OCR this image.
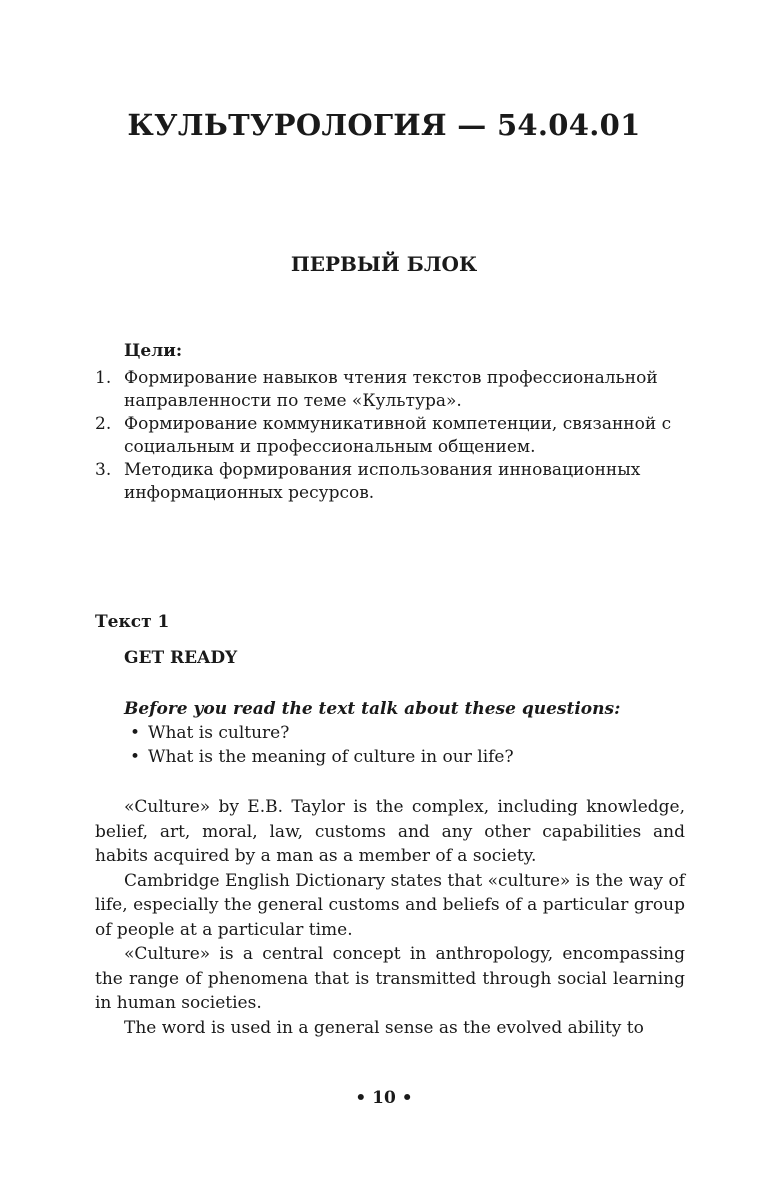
КУЛЬТУРОЛОГИЯ — 54.04.01
ПЕРВЫЙ БЛОК

Цели:

1. Формирование навыков чтения текстов профессиональной направленности по теме «Культура».
2. Формирование коммуникативной компетенции, связанной с социальным и профессиональным общением.
3. Методика формирования использования инновационных информационных ресурсов.

Текст 1

GET READY

Before you read the text talk about these questions:

• What is culture?
• What is the meaning of culture in our life?

«Culture» by E.B. Taylor is the complex, including knowledge, belief, art, moral, law, customs and any other capabilities and habits acquired by a man as a member of a society.

Cambridge English Dictionary states that «culture» is the way of life, especially the general customs and beliefs of a particular group of people at a particular time.

«Culture» is a central concept in anthropology, encompassing the range of phenomena that is transmitted through social learning in human societies.

The word is used in a general sense as the evolved ability to

• 10 •
